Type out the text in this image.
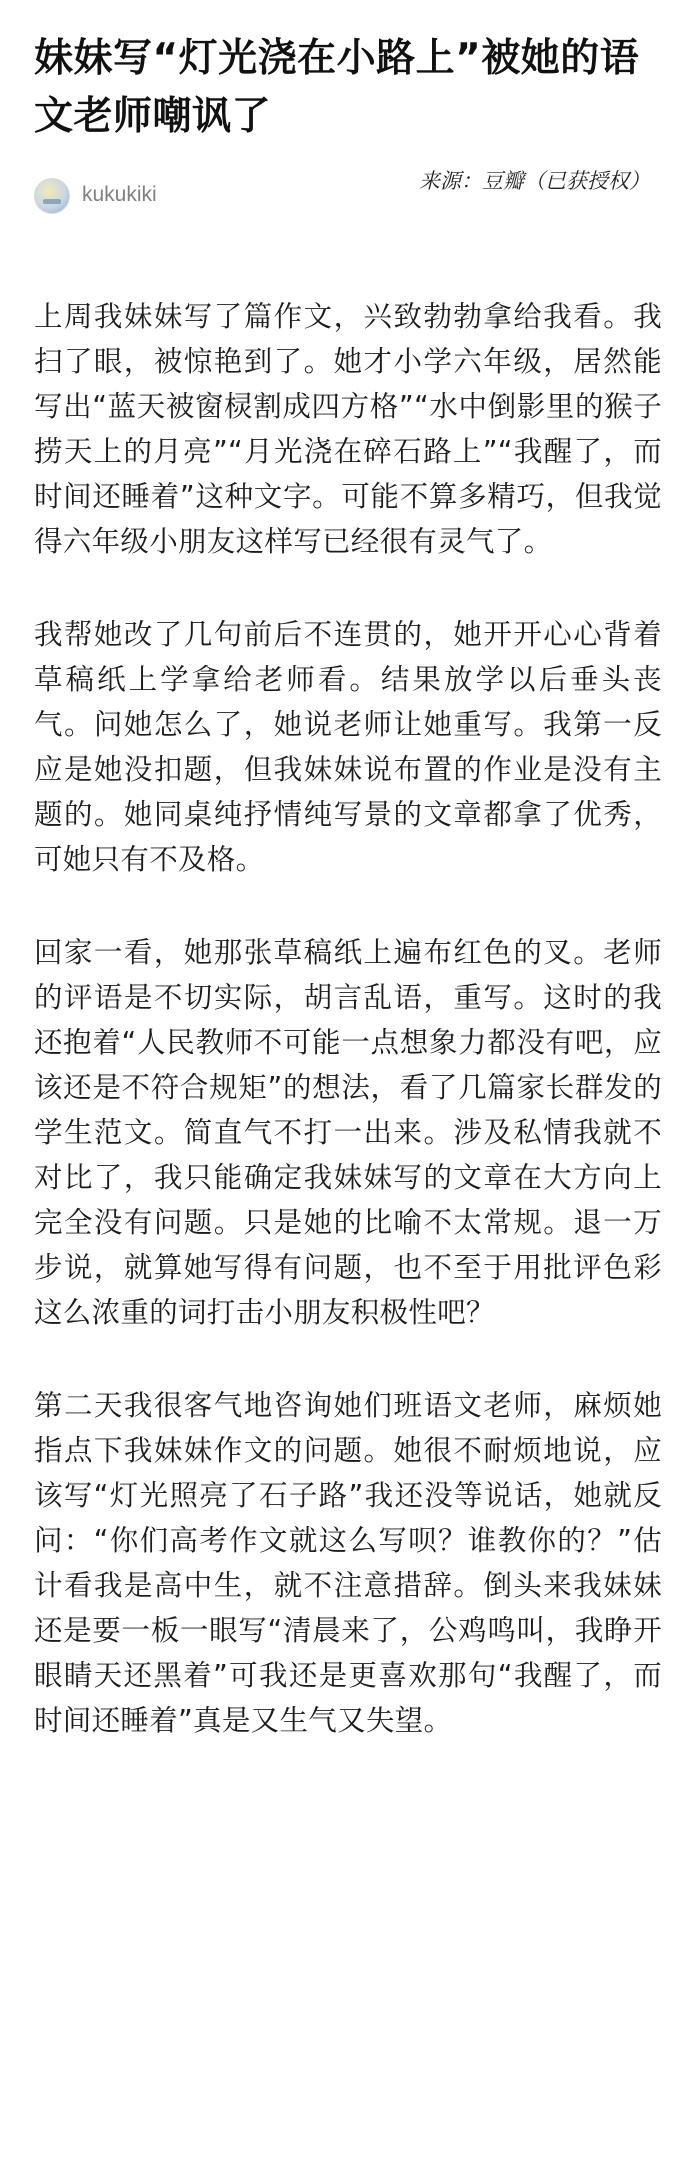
妹妹写“灯光浇在小路上”被她的语文老师嘲讽了
kukukiki
来源：豆瓣（已获授权）

上周我妹妹写了篇作文，兴致勃勃拿给我看。我扫了眼，被惊艳到了。她才小学六年级，居然能写出“蓝天被窗棂割成四方格”“水中倒影里的猴子捞天上的月亮”“月光浇在碎石路上”“我醒了，而时间还睡着”这种文字。可能不算多精巧，但我觉得六年级小朋友这样写已经很有灵气了。

我帮她改了几句前后不连贯的，她开开心心背着草稿纸上学拿给老师看。结果放学以后垂头丧气。问她怎么了，她说老师让她重写。我第一反应是她没扣题，但我妹妹说布置的作业是没有主题的。她同桌纯抒情纯写景的文章都拿了优秀，可她只有不及格。

回家一看，她那张草稿纸上遍布红色的叉。老师的评语是不切实际，胡言乱语，重写。这时的我还抱着“人民教师不可能一点想象力都没有吧，应该还是不符合规矩”的想法，看了几篇家长群发的学生范文。简直气不打一出来。涉及私情我就不对比了，我只能确定我妹妹写的文章在大方向上完全没有问题。只是她的比喻不太常规。退一万步说，就算她写得有问题，也不至于用批评色彩这么浓重的词打击小朋友积极性吧？

第二天我很客气地咨询她们班语文老师，麻烦她指点下我妹妹作文的问题。她很不耐烦地说，应该写“灯光照亮了石子路”我还没等说话，她就反问：“你们高考作文就这么写呗？谁教你的？”估计看我是高中生，就不注意措辞。倒头来我妹妹还是要一板一眼写“清晨来了，公鸡鸣叫，我睁开眼睛天还黑着”可我还是更喜欢那句“我醒了，而时间还睡着”真是又生气又失望。
